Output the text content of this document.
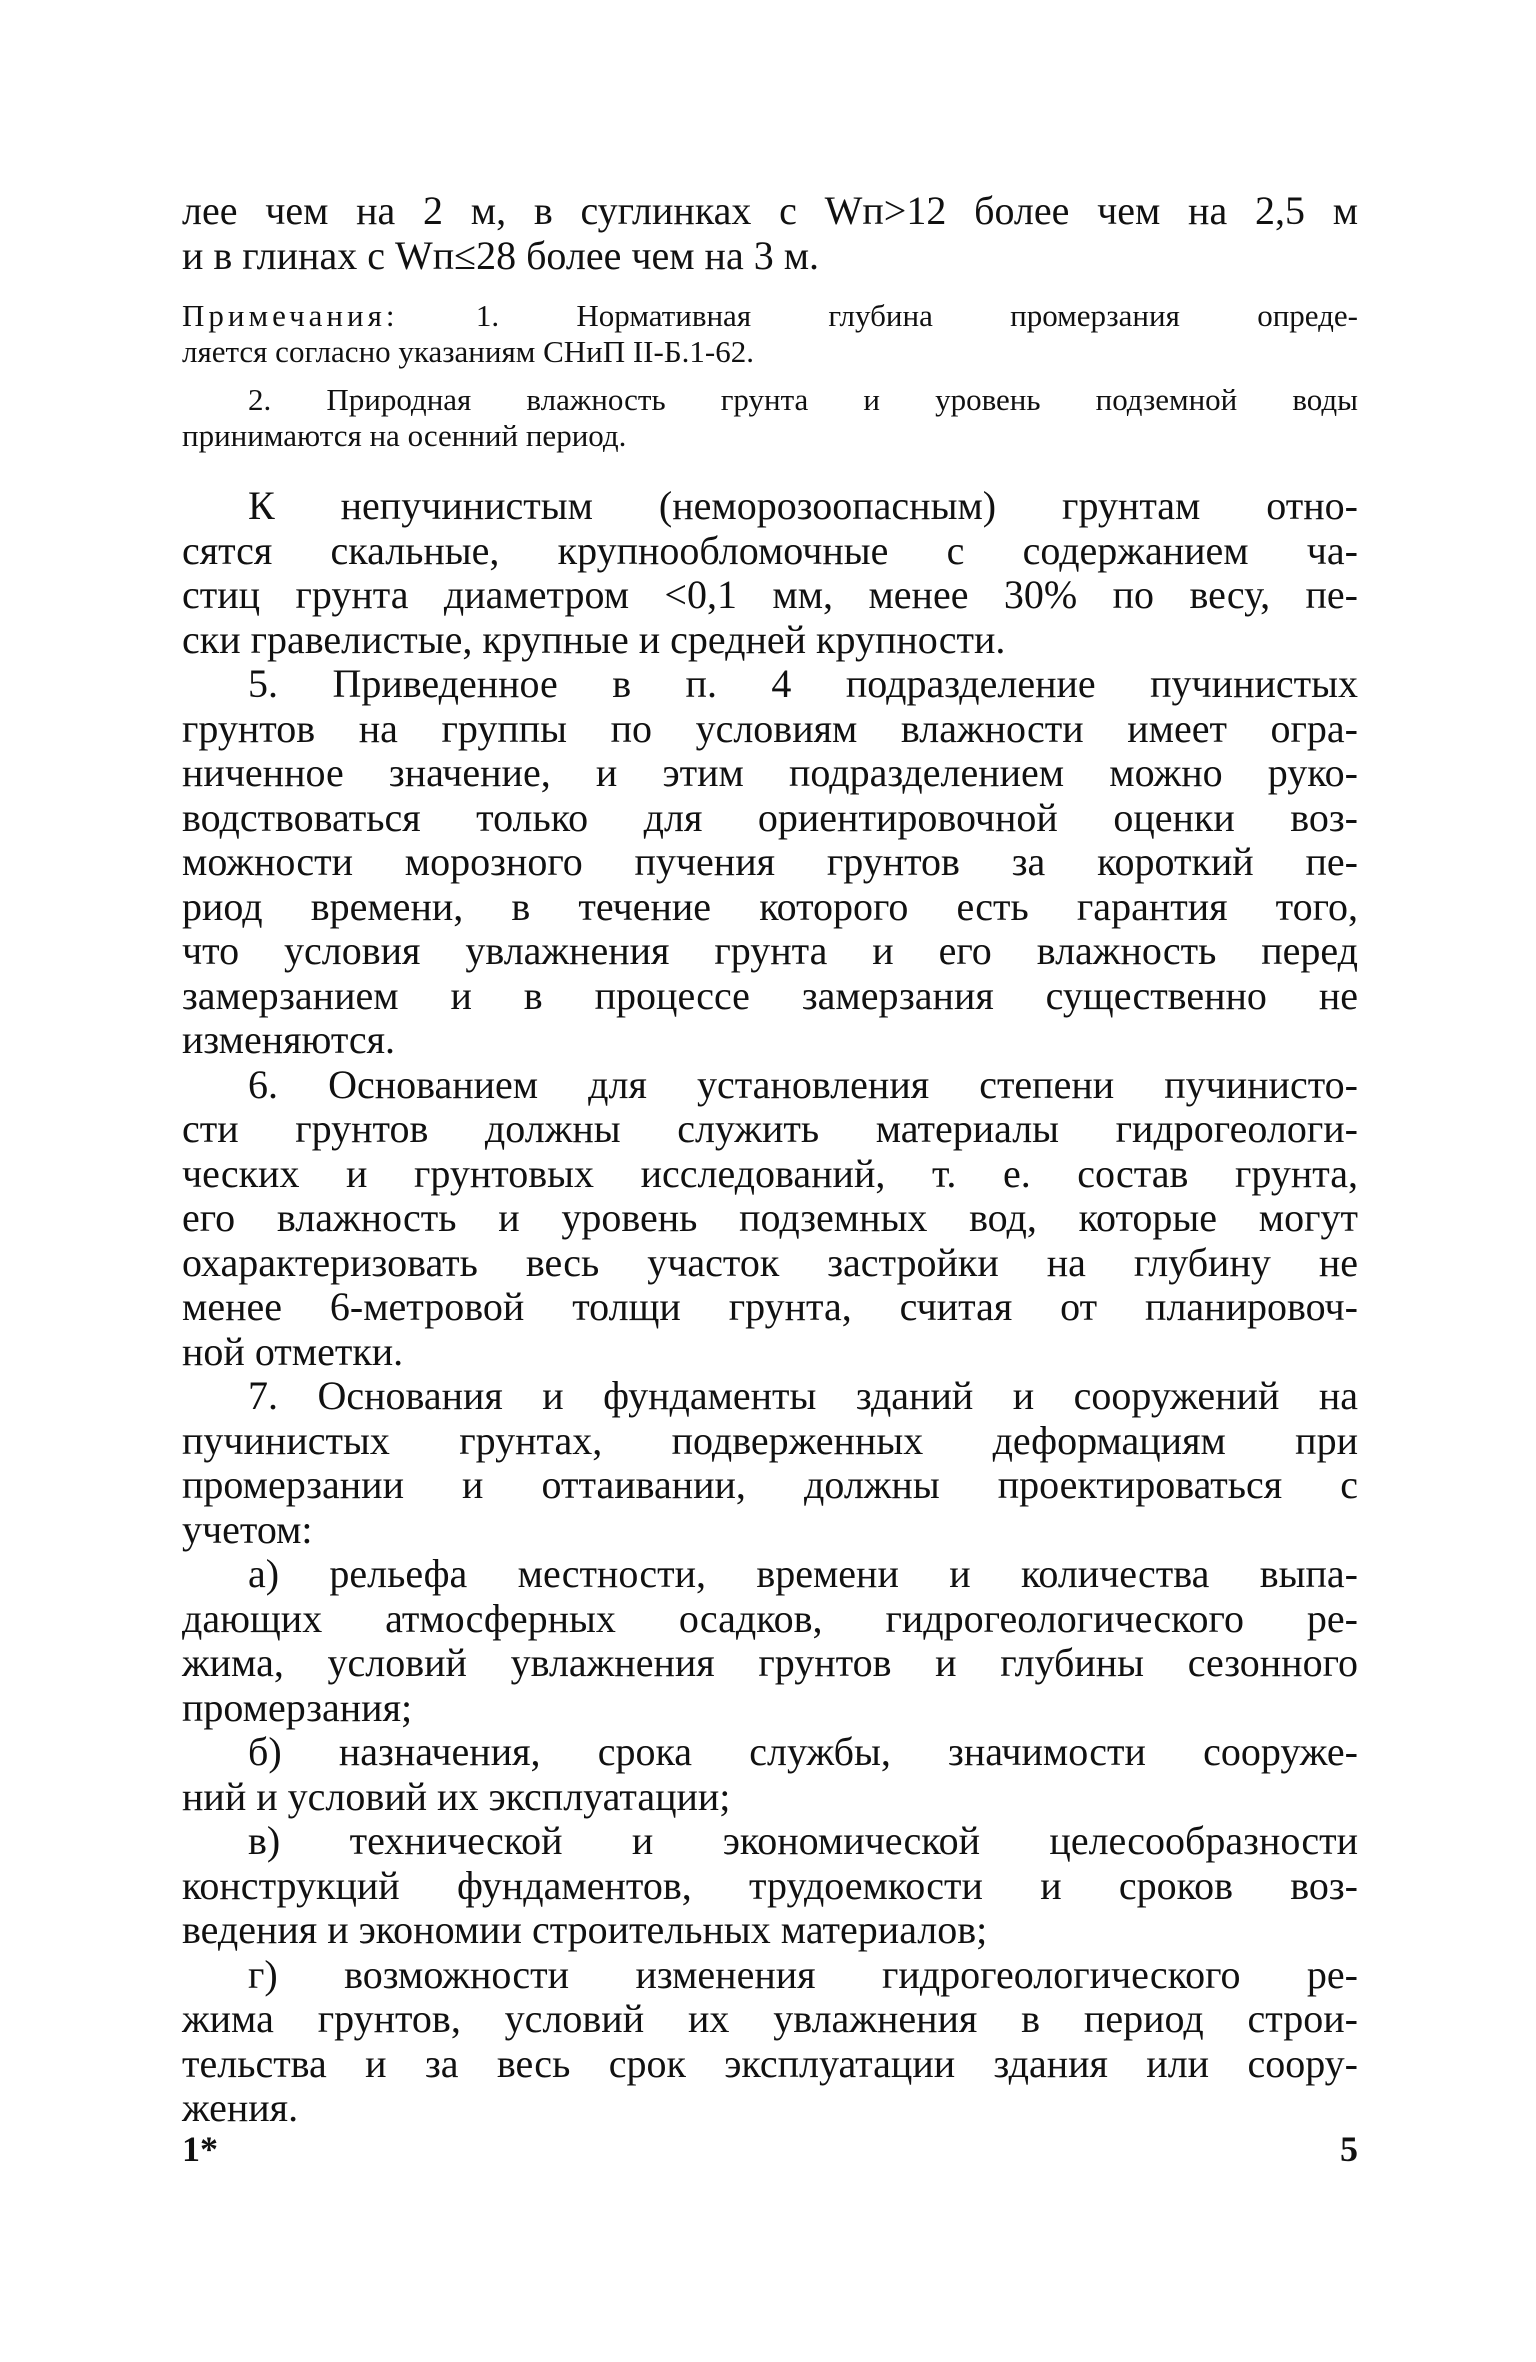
лее чем на 2 м, в суглинках с Wп>12 более чем на 2,5 м
и в глинах с Wп≤28 более чем на 3 м.
Примечания: 1. Нормативная глубина промерзания опреде-
ляется согласно указаниям СНиП II-Б.1-62.
2. Природная влажность грунта и уровень подземной воды
принимаются на осенний период.
К непучинистым (неморозоопасным) грунтам отно-
сятся скальные, крупнообломочные с содержанием ча-
стиц грунта диаметром <0,1 мм, менее 30% по весу, пе-
ски гравелистые, крупные и средней крупности.
5. Приведенное в п. 4 подразделение пучинистых
грунтов на группы по условиям влажности имеет огра-
ниченное значение, и этим подразделением можно руко-
водствоваться только для ориентировочной оценки воз-
можности морозного пучения грунтов за короткий пе-
риод времени, в течение которого есть гарантия того,
что условия увлажнения грунта и его влажность перед
замерзанием и в процессе замерзания существенно не
изменяются.
6. Основанием для установления степени пучинисто-
сти грунтов должны служить материалы гидрогеологи-
ческих и грунтовых исследований, т. е. состав грунта,
его влажность и уровень подземных вод, которые могут
охарактеризовать весь участок застройки на глубину не
менее 6-метровой толщи грунта, считая от планировоч-
ной отметки.
7. Основания и фундаменты зданий и сооружений на
пучинистых грунтах, подверженных деформациям при
промерзании и оттаивании, должны проектироваться с
учетом:
а) рельефа местности, времени и количества выпа-
дающих атмосферных осадков, гидрогеологического ре-
жима, условий увлажнения грунтов и глубины сезонного
промерзания;
б) назначения, срока службы, значимости сооруже-
ний и условий их эксплуатации;
в) технической и экономической целесообразности
конструкций фундаментов, трудоемкости и сроков воз-
ведения и экономии строительных материалов;
г) возможности изменения гидрогеологического ре-
жима грунтов, условий их увлажнения в период строи-
тельства и за весь срок эксплуатации здания или соору-
жения.
1*	5
